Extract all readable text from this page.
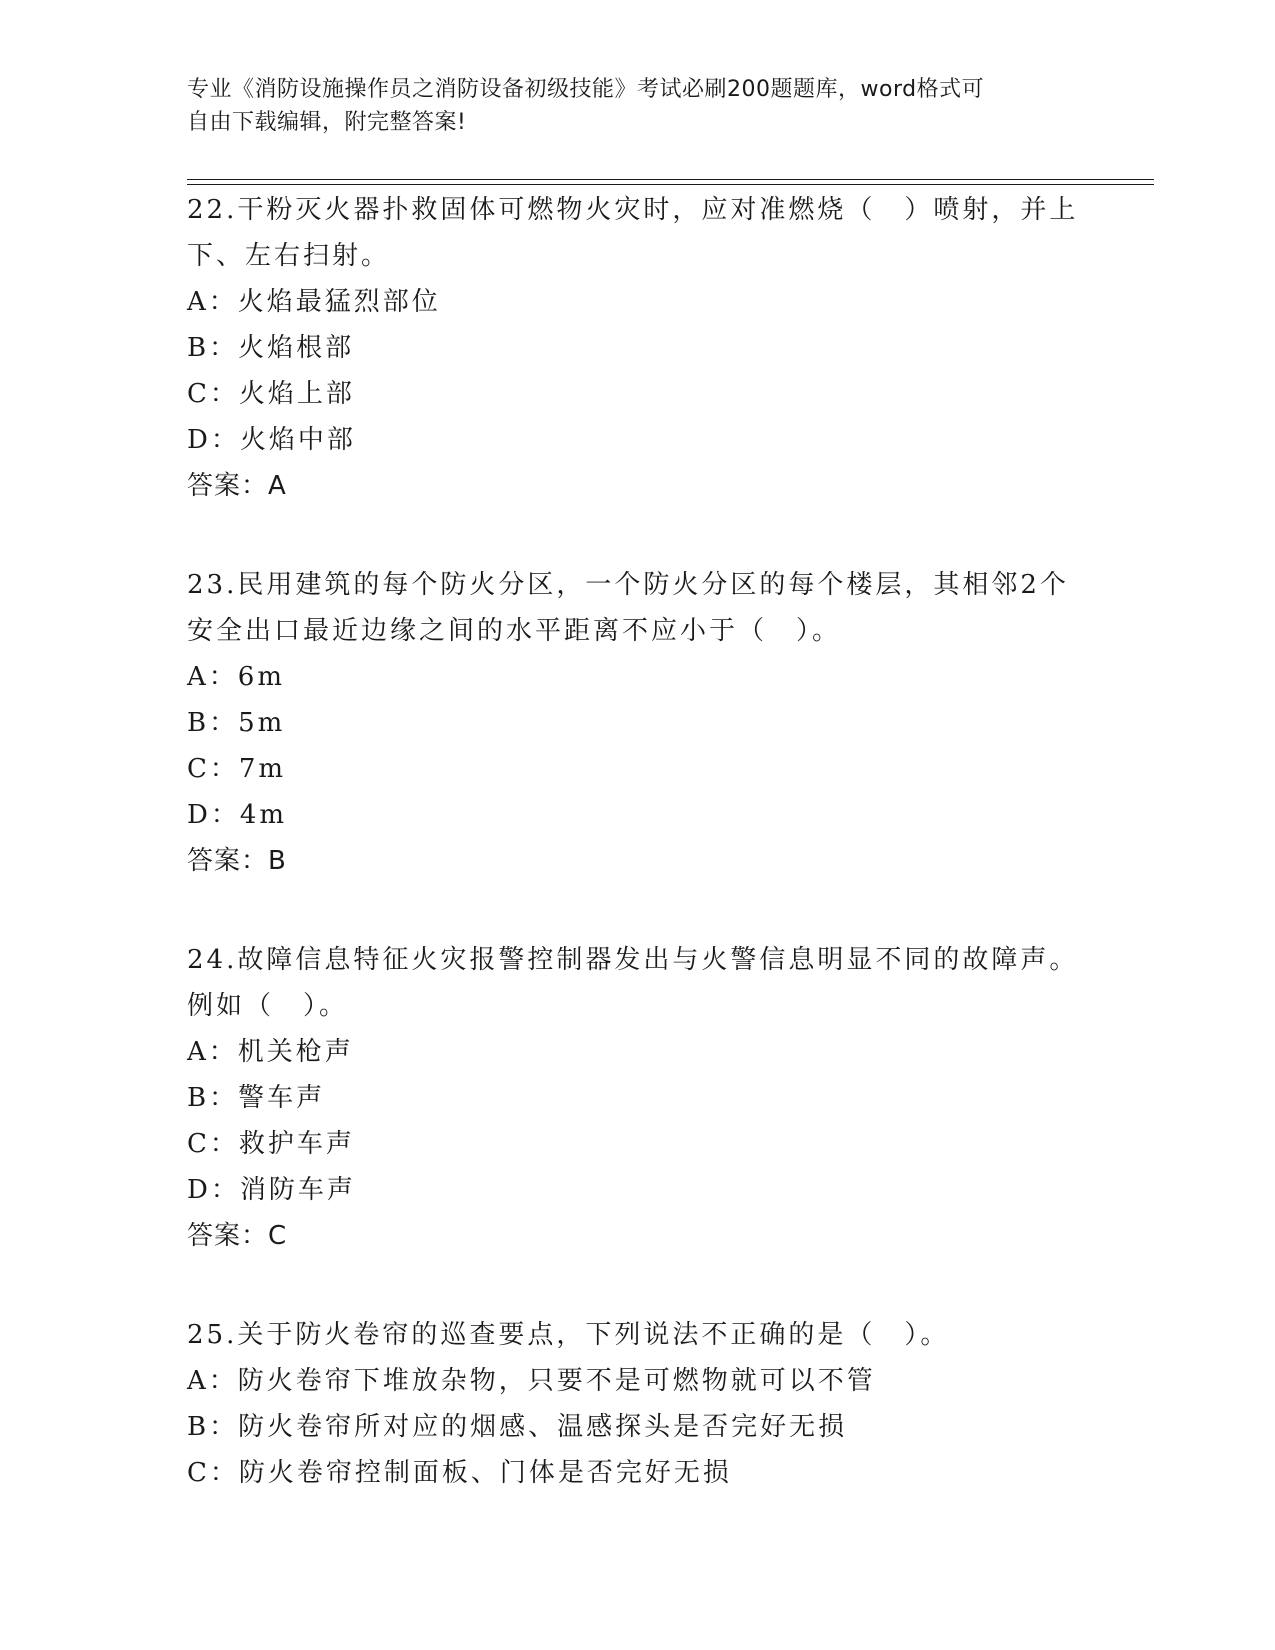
专业《消防设施操作员之消防设备初级技能》考试必刷200题题库，word格式可
自由下载编辑，附完整答案!
22.干粉灭火器扑救固体可燃物火灾时，应对准燃烧（　）喷射，并上
下、左右扫射。
A：火焰最猛烈部位
B：火焰根部
C：火焰上部
D：火焰中部
答案：A
23.民用建筑的每个防火分区，一个防火分区的每个楼层，其相邻2个
安全出口最近边缘之间的水平距离不应小于（　）。
A：6m
B：5m
C：7m
D：4m
答案：B
24.故障信息特征火灾报警控制器发出与火警信息明显不同的故障声。
例如（　）。
A：机关枪声
B：警车声
C：救护车声
D：消防车声
答案：C
25.关于防火卷帘的巡查要点，下列说法不正确的是（　）。
A：防火卷帘下堆放杂物，只要不是可燃物就可以不管
B：防火卷帘所对应的烟感、温感探头是否完好无损
C：防火卷帘控制面板、门体是否完好无损
